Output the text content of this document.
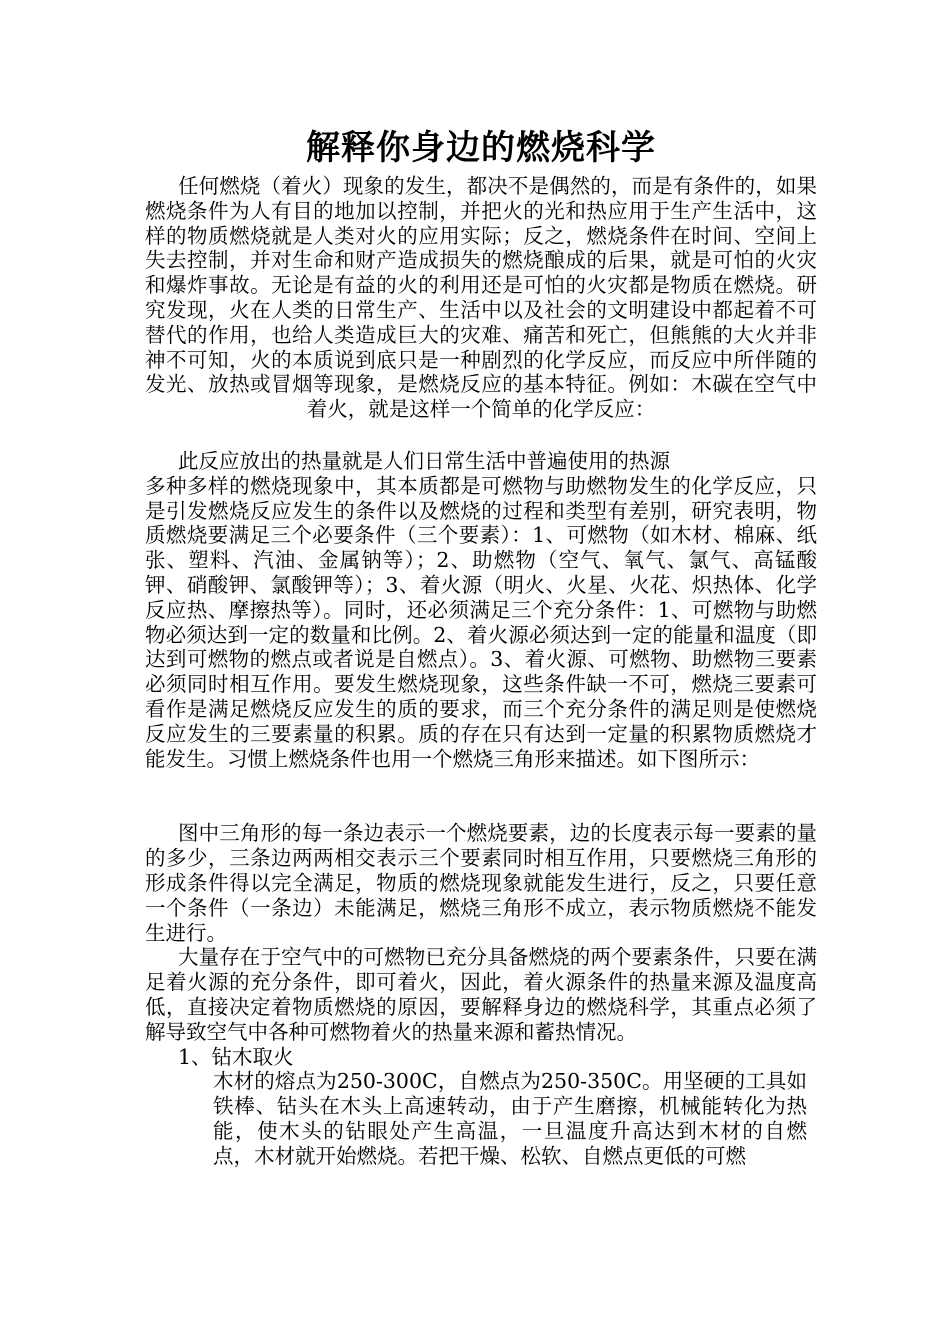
解释你身边的燃烧科学

任何燃烧（着火）现象的发生，都决不是偶然的，而是有条件的，如果燃烧条件为人有目的地加以控制，并把火的光和热应用于生产生活中，这样的物质燃烧就是人类对火的应用实际；反之，燃烧条件在时间、空间上失去控制，并对生命和财产造成损失的燃烧酿成的后果，就是可怕的火灾和爆炸事故。无论是有益的火的利用还是可怕的火灾都是物质在燃烧。研究发现，火在人类的日常生产、生活中以及社会的文明建设中都起着不可替代的作用，也给人类造成巨大的灾难、痛苦和死亡，但熊熊的大火并非神不可知，火的本质说到底只是一种剧烈的化学反应，而反应中所伴随的发光、放热或冒烟等现象，是燃烧反应的基本特征。例如：木碳在空气中着火，就是这样一个简单的化学反应：

此反应放出的热量就是人们日常生活中普遍使用的热源

多种多样的燃烧现象中，其本质都是可燃物与助燃物发生的化学反应，只是引发燃烧反应发生的条件以及燃烧的过程和类型有差别，研究表明，物质燃烧要满足三个必要条件（三个要素）：1、可燃物（如木材、棉麻、纸张、塑料、汽油、金属钠等）；2、助燃物（空气、氧气、氯气、高锰酸钾、硝酸钾、氯酸钾等）；3、着火源（明火、火星、火花、炽热体、化学反应热、摩擦热等）。同时，还必须满足三个充分条件：1、可燃物与助燃物必须达到一定的数量和比例。2、着火源必须达到一定的能量和温度（即达到可燃物的燃点或者说是自燃点）。3、着火源、可燃物、助燃物三要素必须同时相互作用。要发生燃烧现象，这些条件缺一不可，燃烧三要素可看作是满足燃烧反应发生的质的要求，而三个充分条件的满足则是使燃烧反应发生的三要素量的积累。质的存在只有达到一定量的积累物质燃烧才能发生。习惯上燃烧条件也用一个燃烧三角形来描述。如下图所示：

图中三角形的每一条边表示一个燃烧要素，边的长度表示每一要素的量的多少，三条边两两相交表示三个要素同时相互作用，只要燃烧三角形的形成条件得以完全满足，物质的燃烧现象就能发生进行，反之，只要任意一个条件（一条边）未能满足，燃烧三角形不成立，表示物质燃烧不能发生进行。

大量存在于空气中的可燃物已充分具备燃烧的两个要素条件，只要在满足着火源的充分条件，即可着火，因此，着火源条件的热量来源及温度高低，直接决定着物质燃烧的原因，要解释身边的燃烧科学，其重点必须了解导致空气中各种可燃物着火的热量来源和蓄热情况。

1、钻木取火

木材的熔点为250-300C，自燃点为250-350C。用坚硬的工具如铁棒、钻头在木头上高速转动，由于产生磨擦，机械能转化为热能，使木头的钻眼处产生高温，一旦温度升高达到木材的自燃点，木材就开始燃烧。若把干燥、松软、自燃点更低的可燃
